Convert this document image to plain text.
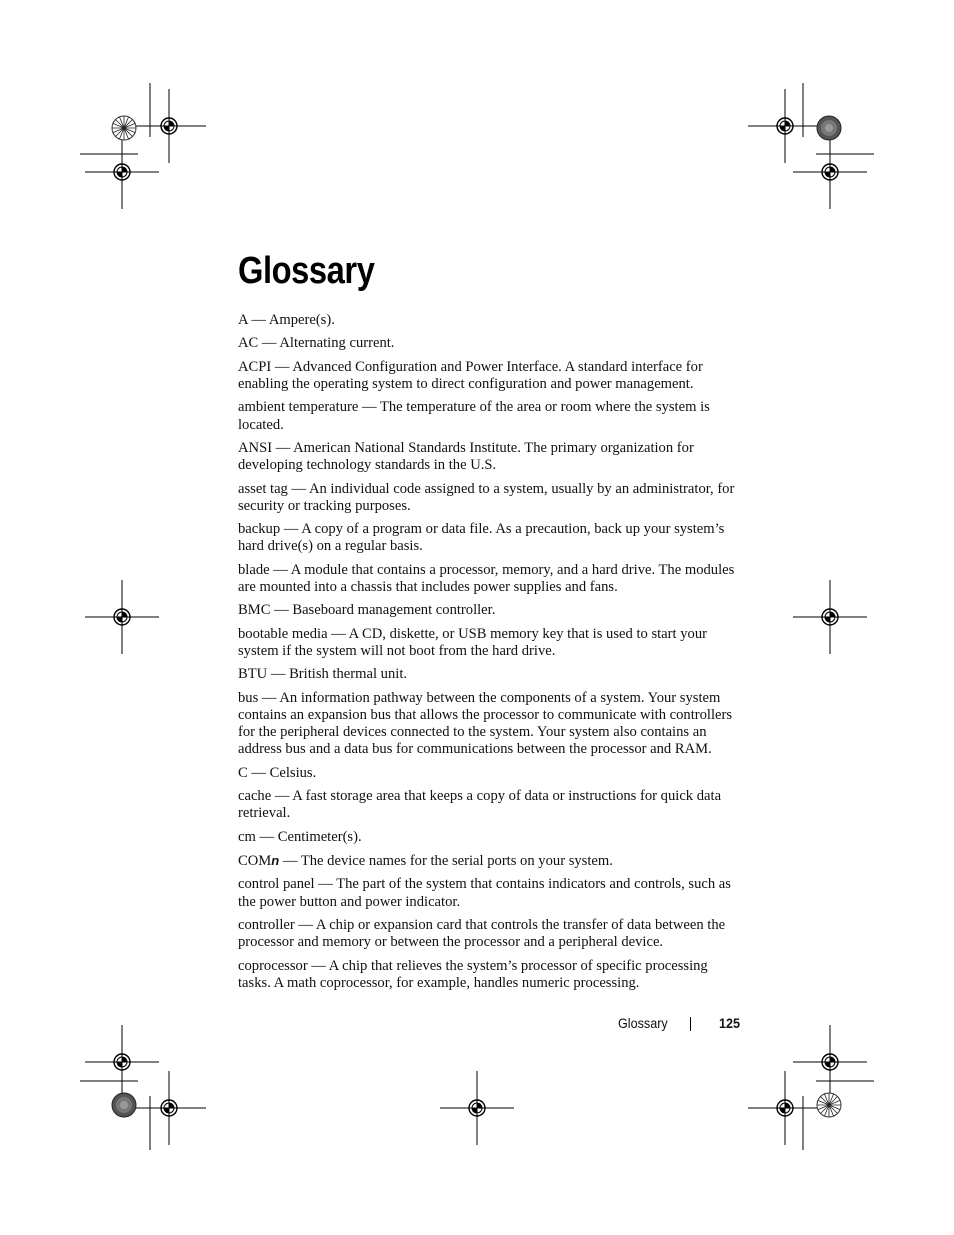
Glossary

A — Ampere(s).

AC — Alternating current.

ACPI — Advanced Configuration and Power Interface. A standard interface for enabling the operating system to direct configuration and power management.

ambient temperature — The temperature of the area or room where the system is located.

ANSI — American National Standards Institute. The primary organization for developing technology standards in the U.S.

asset tag — An individual code assigned to a system, usually by an administrator, for security or tracking purposes.

backup — A copy of a program or data file. As a precaution, back up your system’s hard drive(s) on a regular basis.

blade — A module that contains a processor, memory, and a hard drive. The modules are mounted into a chassis that includes power supplies and fans.

BMC — Baseboard management controller.

bootable media — A CD, diskette, or USB memory key that is used to start your system if the system will not boot from the hard drive.

BTU — British thermal unit.

bus — An information pathway between the components of a system. Your system contains an expansion bus that allows the processor to communicate with controllers for the peripheral devices connected to the system. Your system also contains an address bus and a data bus for communications between the processor and RAM.

C — Celsius.

cache — A fast storage area that keeps a copy of data or instructions for quick data retrieval.

cm — Centimeter(s).

COMn — The device names for the serial ports on your system.

control panel — The part of the system that contains indicators and controls, such as the power button and power indicator.

controller — A chip or expansion card that controls the transfer of data between the processor and memory or between the processor and a peripheral device.

coprocessor — A chip that relieves the system’s processor of specific processing tasks. A math coprocessor, for example, handles numeric processing.

Glossary	125
